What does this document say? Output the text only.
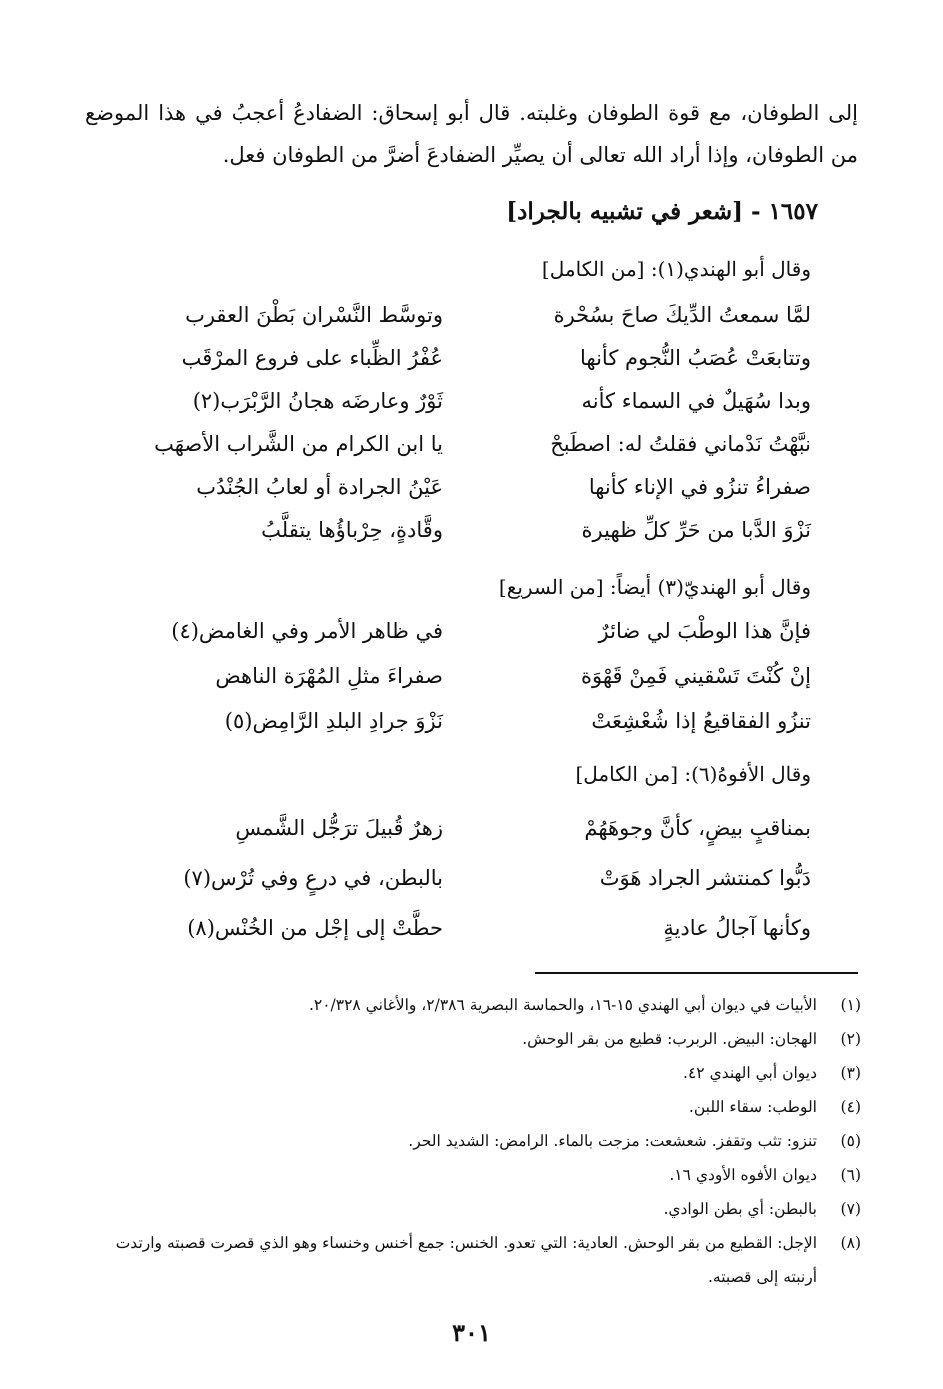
إلى الطوفان، مع قوة الطوفان وغلبته. قال أبو إسحاق: الضفادعُ أعجبُ في هذا الموضع من الطوفان، وإذا أراد الله تعالى أن يصيِّر الضفادعَ أضرَّ من الطوفان فعل.
١٦٥٧ - [شعر في تشبيه بالجراد]
وقال أبو الهندي(١): [من الكامل]
لمَّا سمعتُ الدِّيكَ صاحَ بسُحْرة
وتوسَّط النَّسْران بَطْنَ العقرب
وتتابعَتْ عُصَبُ النُّجوم كأنها
عُفْرُ الظِّباء على فروع المرْقَب
وبدا سُهَيلٌ في السماء كأنه
ثَوْرٌ وعارضَه هجانُ الرَّبْرَب(٢)
نبَّهْتُ نَدْماني فقلتُ له: اصطَبحْ
يا ابن الكرام من الشَّراب الأصهَب
صفراءُ تنزُو في الإناء كأنها
عَيْنُ الجرادة أو لعابُ الجُنْدُب
نَزْوَ الدَّبا من حَرِّ كلِّ ظهيرة
وقَّادةٍ، حِرْباؤُها يتقلَّبُ
وقال أبو الهنديّ(٣) أيضاً: [من السريع]
فإنَّ هذا الوطْبَ لي ضائرٌ
في ظاهر الأمر وفي الغامض(٤)
إنْ كُنْتَ تَسْقيني فَمِنْ قَهْوَة
صفراءَ مثلِ المُهْرَة الناهض
تنزُو الفقاقيعُ إذا شُعْشِعَتْ
نَزْوَ جرادِ البلدِ الرَّامِض(٥)
وقال الأفوهُ(٦): [من الكامل]
بمناقبٍ بيضٍ، كأنَّ وجوهَهُمْ
زهرٌ قُبيلَ ترَجُّل الشَّمسِ
دَبُّوا كمنتشر الجراد هَوَتْ
بالبطن، في درعٍ وفي تُرْس(٧)
وكأنها آجالُ عاديةٍ
حطَّتْ إلى إجْل من الخُنْس(٨)
(١)
الأبيات في ديوان أبي الهندي ١٥-١٦، والحماسة البصرية ٢/٣٨٦، والأغاني ٢٠/٣٢٨.
(٢)
الهجان: البيض. الربرب: قطيع من بقر الوحش.
(٣)
ديوان أبي الهندي ٤٢.
(٤)
الوطب: سقاء اللبن.
(٥)
تنزو: تثب وتقفز. شعشعت: مزجت بالماء. الرامض: الشديد الحر.
(٦)
ديوان الأفوه الأودي ١٦.
(٧)
بالبطن: أي بطن الوادي.
(٨)
الإجل: القطيع من بقر الوحش. العادية: التي تعدو. الخنس: جمع أخنس وخنساء وهو الذي قصرت قصبته وارتدت أرنبته إلى قصبته.
٣٠١
